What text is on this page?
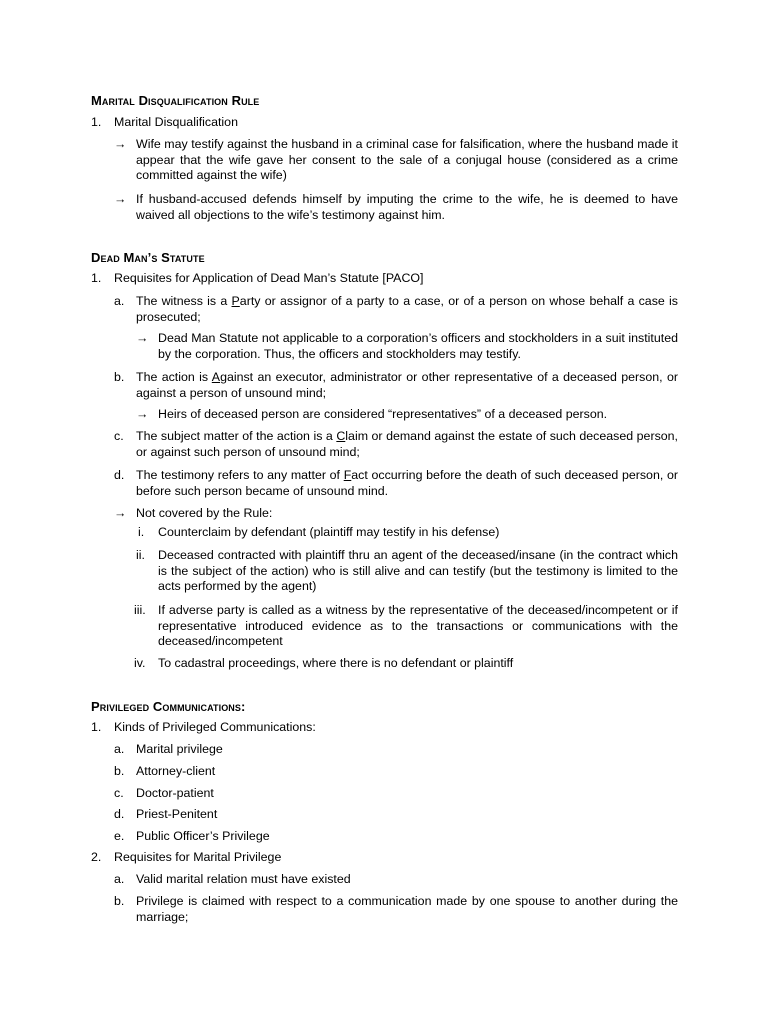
Marital Disqualification Rule
1. Marital Disqualification
→ Wife may testify against the husband in a criminal case for falsification, where the husband made it appear that the wife gave her consent to the sale of a conjugal house (considered as a crime committed against the wife)
→ If husband-accused defends himself by imputing the crime to the wife, he is deemed to have waived all objections to the wife’s testimony against him.
Dead Man’s Statute
1. Requisites for Application of Dead Man’s Statute [PACO]
a. The witness is a Party or assignor of a party to a case, or of a person on whose behalf a case is prosecuted;
→ Dead Man Statute not applicable to a corporation’s officers and stockholders in a suit instituted by the corporation. Thus, the officers and stockholders may testify.
b. The action is Against an executor, administrator or other representative of a deceased person, or against a person of unsound mind;
→ Heirs of deceased person are considered “representatives” of a deceased person.
c. The subject matter of the action is a Claim or demand against the estate of such deceased person, or against such person of unsound mind;
d. The testimony refers to any matter of Fact occurring before the death of such deceased person, or before such person became of unsound mind.
→ Not covered by the Rule:
i. Counterclaim by defendant (plaintiff may testify in his defense)
ii. Deceased contracted with plaintiff thru an agent of the deceased/insane (in the contract which is the subject of the action) who is still alive and can testify (but the testimony is limited to the acts performed by the agent)
iii. If adverse party is called as a witness by the representative of the deceased/incompetent or if representative introduced evidence as to the transactions or communications with the deceased/incompetent
iv. To cadastral proceedings, where there is no defendant or plaintiff
Privileged Communications:
1. Kinds of Privileged Communications:
a. Marital privilege
b. Attorney-client
c. Doctor-patient
d. Priest-Penitent
e. Public Officer’s Privilege
2. Requisites for Marital Privilege
a. Valid marital relation must have existed
b. Privilege is claimed with respect to a communication made by one spouse to another during the marriage;
